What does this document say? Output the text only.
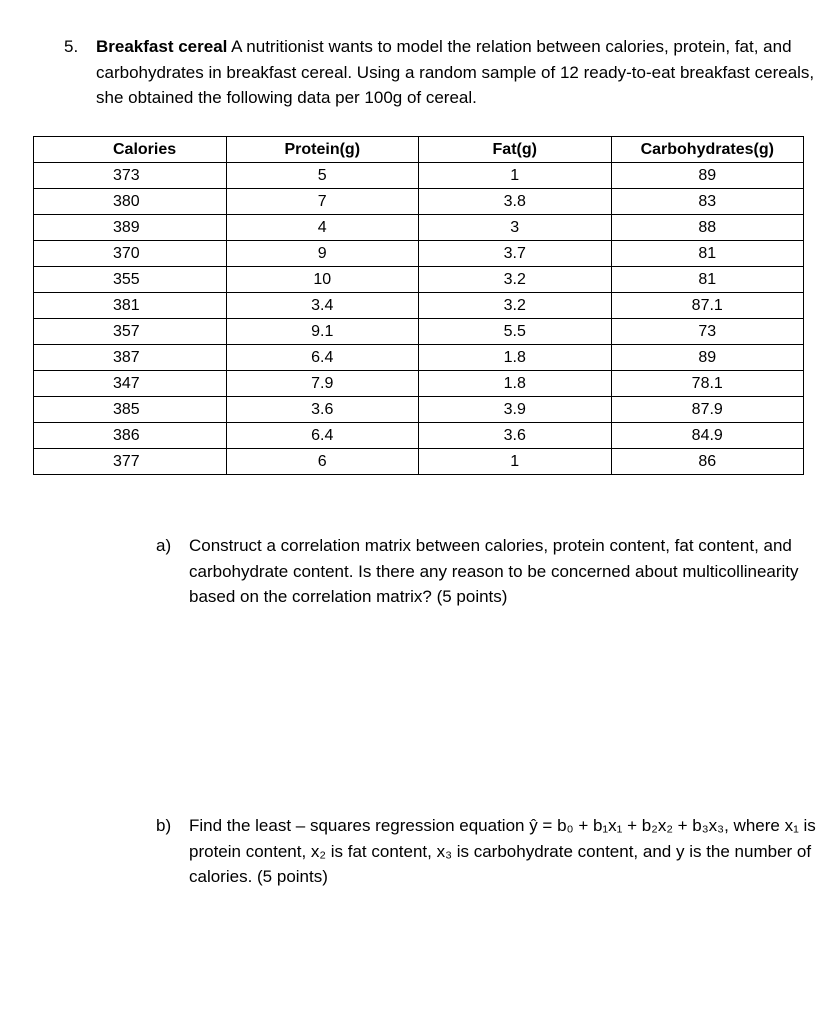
5. Breakfast cereal A nutritionist wants to model the relation between calories, protein, fat, and carbohydrates in breakfast cereal. Using a random sample of 12 ready-to-eat breakfast cereals, she obtained the following data per 100g of cereal.
Calories	Protein(g)	Fat(g)	Carbohydrates(g)
373	5	1	89
380	7	3.8	83
389	4	3	88
370	9	3.7	81
355	10	3.2	81
381	3.4	3.2	87.1
357	9.1	5.5	73
387	6.4	1.8	89
347	7.9	1.8	78.1
385	3.6	3.9	87.9
386	6.4	3.6	84.9
377	6	1	86
a) Construct a correlation matrix between calories, protein content, fat content, and carbohydrate content. Is there any reason to be concerned about multicollinearity based on the correlation matrix? (5 points)
b) Find the least – squares regression equation ŷ = b₀ + b₁x₁ + b₂x₂ + b₃x₃, where x₁ is protein content, x₂ is fat content, x₃ is carbohydrate content, and y is the number of calories. (5 points)
